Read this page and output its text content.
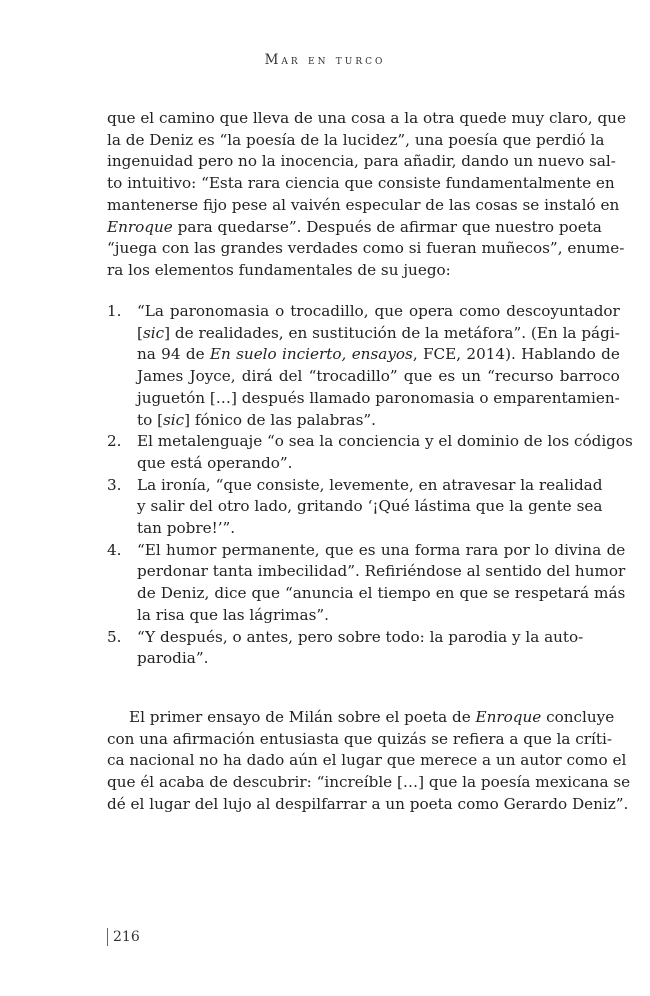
Mar en turco
que el camino que lleva de una cosa a la otra quede muy claro, que
la de Deniz es “la poesía de la lucidez”, una poesía que perdió la
ingenuidad pero no la inocencia, para añadir, dando un nuevo sal-
to intuitivo: “Esta rara ciencia que consiste fundamentalmente en
mantenerse fijo pese al vaivén especular de las cosas se instaló en
Enroque para quedarse”. Después de afirmar que nuestro poeta
“juega con las grandes verdades como si fueran muñecos”, enume-
ra los elementos fundamentales de su juego:
1.	“La paronomasia o trocadillo, que opera como descoyuntador
[sic] de realidades, en sustitución de la metáfora”. (En la pági-
na 94 de En suelo incierto, ensayos, FCE, 2014). Hablando de
James Joyce, dirá del “trocadillo” que es un “recurso barroco
juguetón […] después llamado paronomasia o emparentamien-
to [sic] fónico de las palabras”.
2.	El metalenguaje “o sea la conciencia y el dominio de los códigos
que está operando”.
3.	La ironía, “que consiste, levemente, en atravesar la realidad
y salir del otro lado, gritando ‘¡Qué lástima que la gente sea
tan pobre!’”.
4.	“El humor permanente, que es una forma rara por lo divina de
perdonar tanta imbecilidad”. Refiriéndose al sentido del humor
de Deniz, dice que “anuncia el tiempo en que se respetará más
la risa que las lágrimas”.
5.	“Y después, o antes, pero sobre todo: la parodia y la auto-
parodia”.
El primer ensayo de Milán sobre el poeta de Enroque concluye
con una afirmación entusiasta que quizás se refiera a que la críti-
ca nacional no ha dado aún el lugar que merece a un autor como el
que él acaba de descubrir: “increíble […] que la poesía mexicana se
dé el lugar del lujo al despilfarrar a un poeta como Gerardo Deniz”.
216
